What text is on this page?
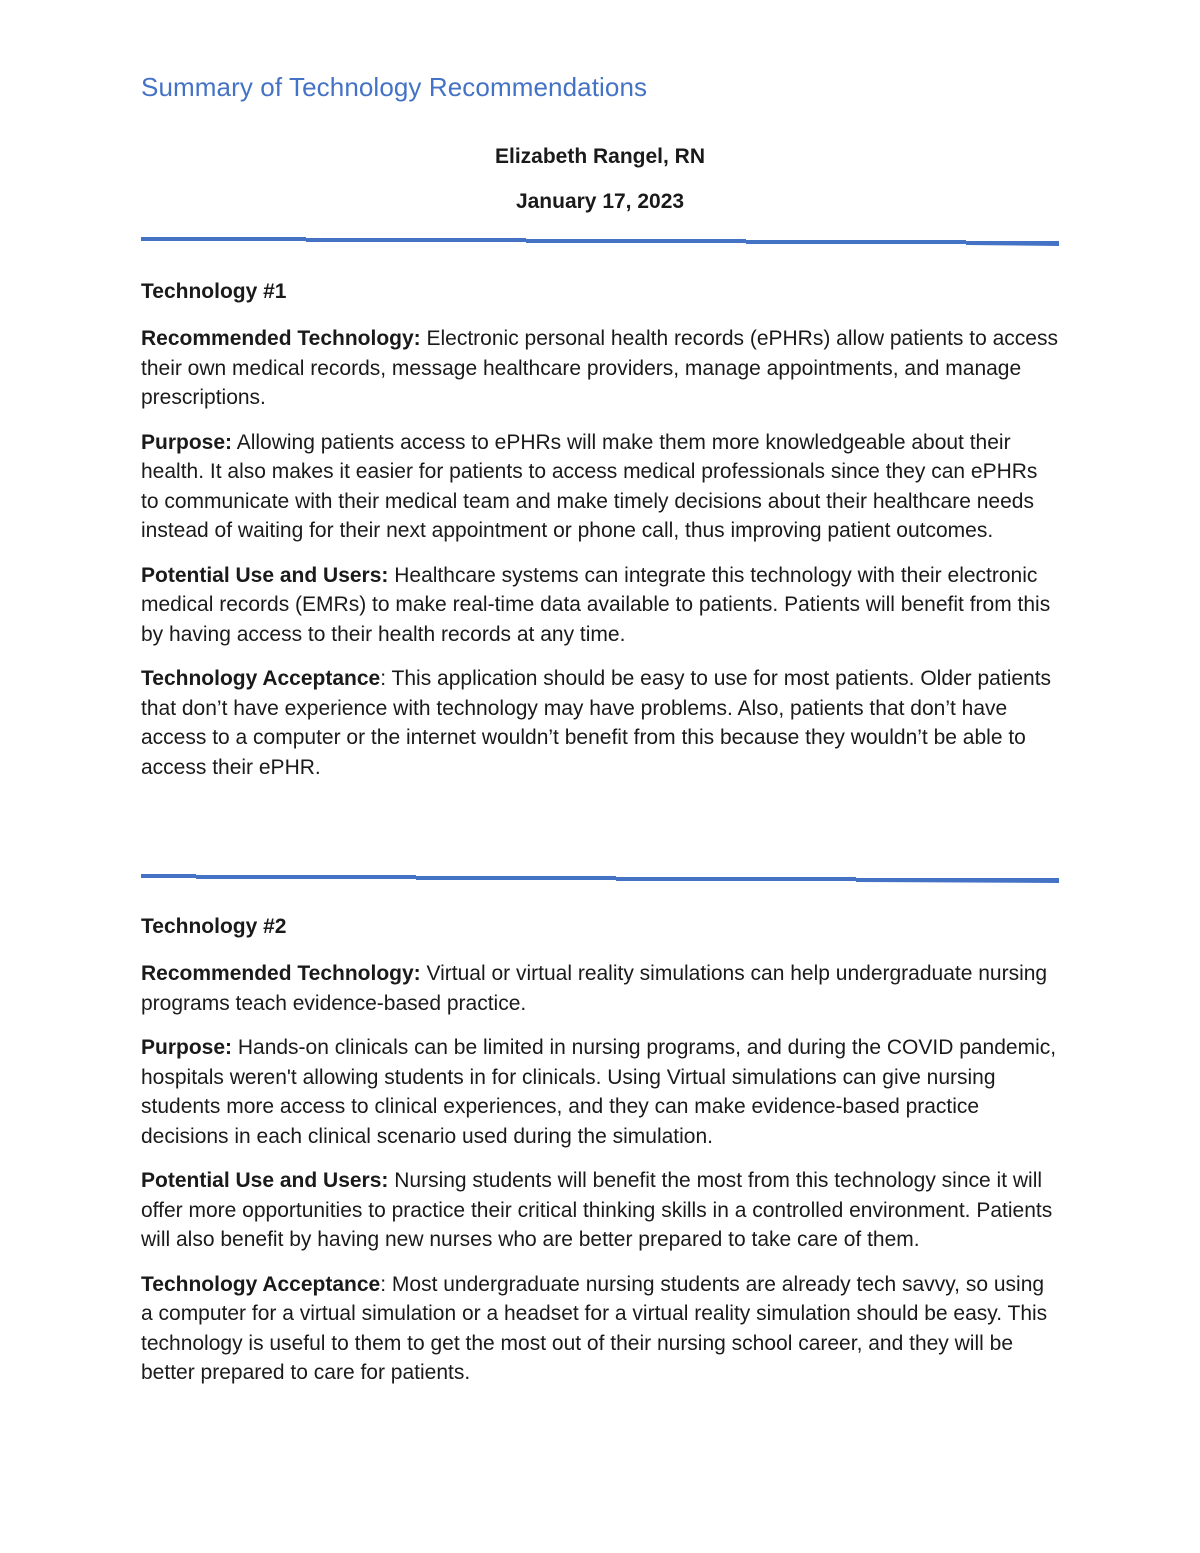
Summary of Technology Recommendations

Elizabeth Rangel, RN

January 17, 2023

Technology #1

Recommended Technology: Electronic personal health records (ePHRs) allow patients to access their own medical records, message healthcare providers, manage appointments, and manage prescriptions.

Purpose: Allowing patients access to ePHRs will make them more knowledgeable about their health. It also makes it easier for patients to access medical professionals since they can ePHRs to communicate with their medical team and make timely decisions about their healthcare needs instead of waiting for their next appointment or phone call, thus improving patient outcomes.

Potential Use and Users: Healthcare systems can integrate this technology with their electronic medical records (EMRs) to make real-time data available to patients. Patients will benefit from this by having access to their health records at any time.

Technology Acceptance: This application should be easy to use for most patients. Older patients that don’t have experience with technology may have problems. Also, patients that don’t have access to a computer or the internet wouldn’t benefit from this because they wouldn’t be able to access their ePHR.

Technology #2

Recommended Technology: Virtual or virtual reality simulations can help undergraduate nursing programs teach evidence-based practice.

Purpose: Hands-on clinicals can be limited in nursing programs, and during the COVID pandemic, hospitals weren't allowing students in for clinicals. Using Virtual simulations can give nursing students more access to clinical experiences, and they can make evidence-based practice decisions in each clinical scenario used during the simulation.

Potential Use and Users: Nursing students will benefit the most from this technology since it will offer more opportunities to practice their critical thinking skills in a controlled environment. Patients will also benefit by having new nurses who are better prepared to take care of them.

Technology Acceptance: Most undergraduate nursing students are already tech savvy, so using a computer for a virtual simulation or a headset for a virtual reality simulation should be easy. This technology is useful to them to get the most out of their nursing school career, and they will be better prepared to care for patients.
